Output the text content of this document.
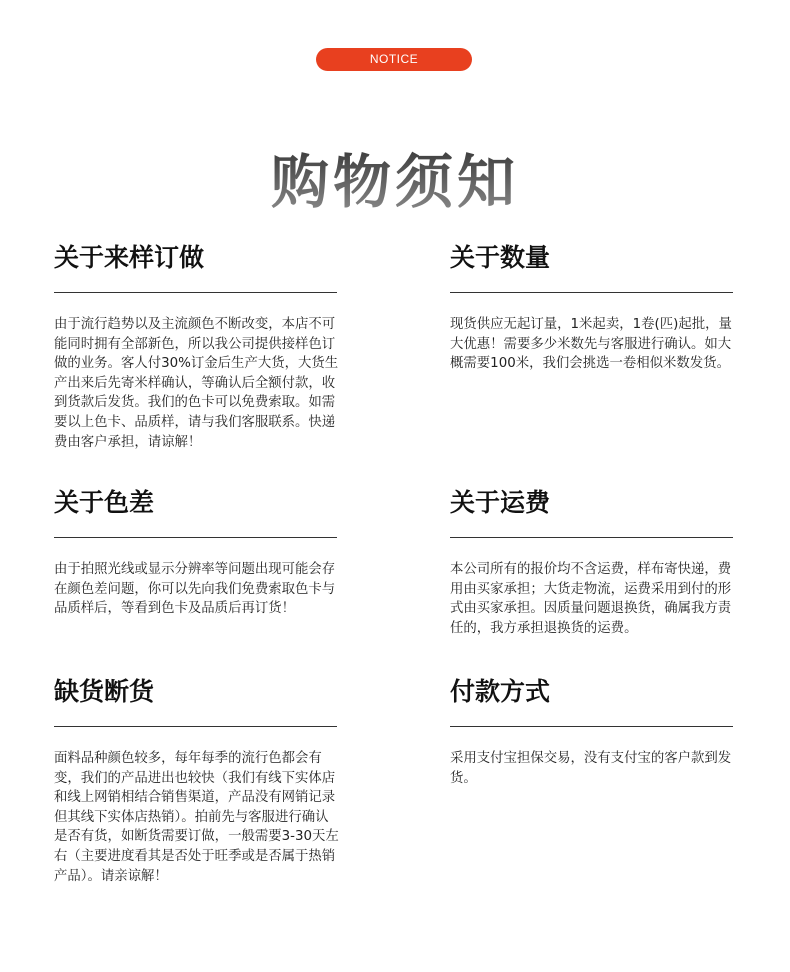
NOTICE
购物须知
关于来样订做
由于流行趋势以及主流颜色不断改变，本店不可能同时拥有全部新色，所以我公司提供接样色订做的业务。客人付30%订金后生产大货，大货生产出来后先寄米样确认，等确认后全额付款，收到货款后发货。我们的色卡可以免费索取。如需要以上色卡、品质样，请与我们客服联系。快递费由客户承担，请谅解！
关于数量
现货供应无起订量，1米起卖，1卷(匹)起批，量大优惠！需要多少米数先与客服进行确认。如大概需要100米，我们会挑选一卷相似米数发货。
关于色差
由于拍照光线或显示分辨率等问题出现可能会存在颜色差问题，你可以先向我们免费索取色卡与品质样后，等看到色卡及品质后再订货！
关于运费
本公司所有的报价均不含运费，样布寄快递，费用由买家承担；大货走物流，运费采用到付的形式由买家承担。因质量问题退换货，确属我方责任的，我方承担退换货的运费。
缺货断货
面料品种颜色较多，每年每季的流行色都会有变，我们的产品进出也较快（我们有线下实体店和线上网销相结合销售渠道，产品没有网销记录但其线下实体店热销）。拍前先与客服进行确认是否有货，如断货需要订做，一般需要3-30天左右（主要进度看其是否处于旺季或是否属于热销产品）。请亲谅解！
付款方式
采用支付宝担保交易，没有支付宝的客户款到发货。
